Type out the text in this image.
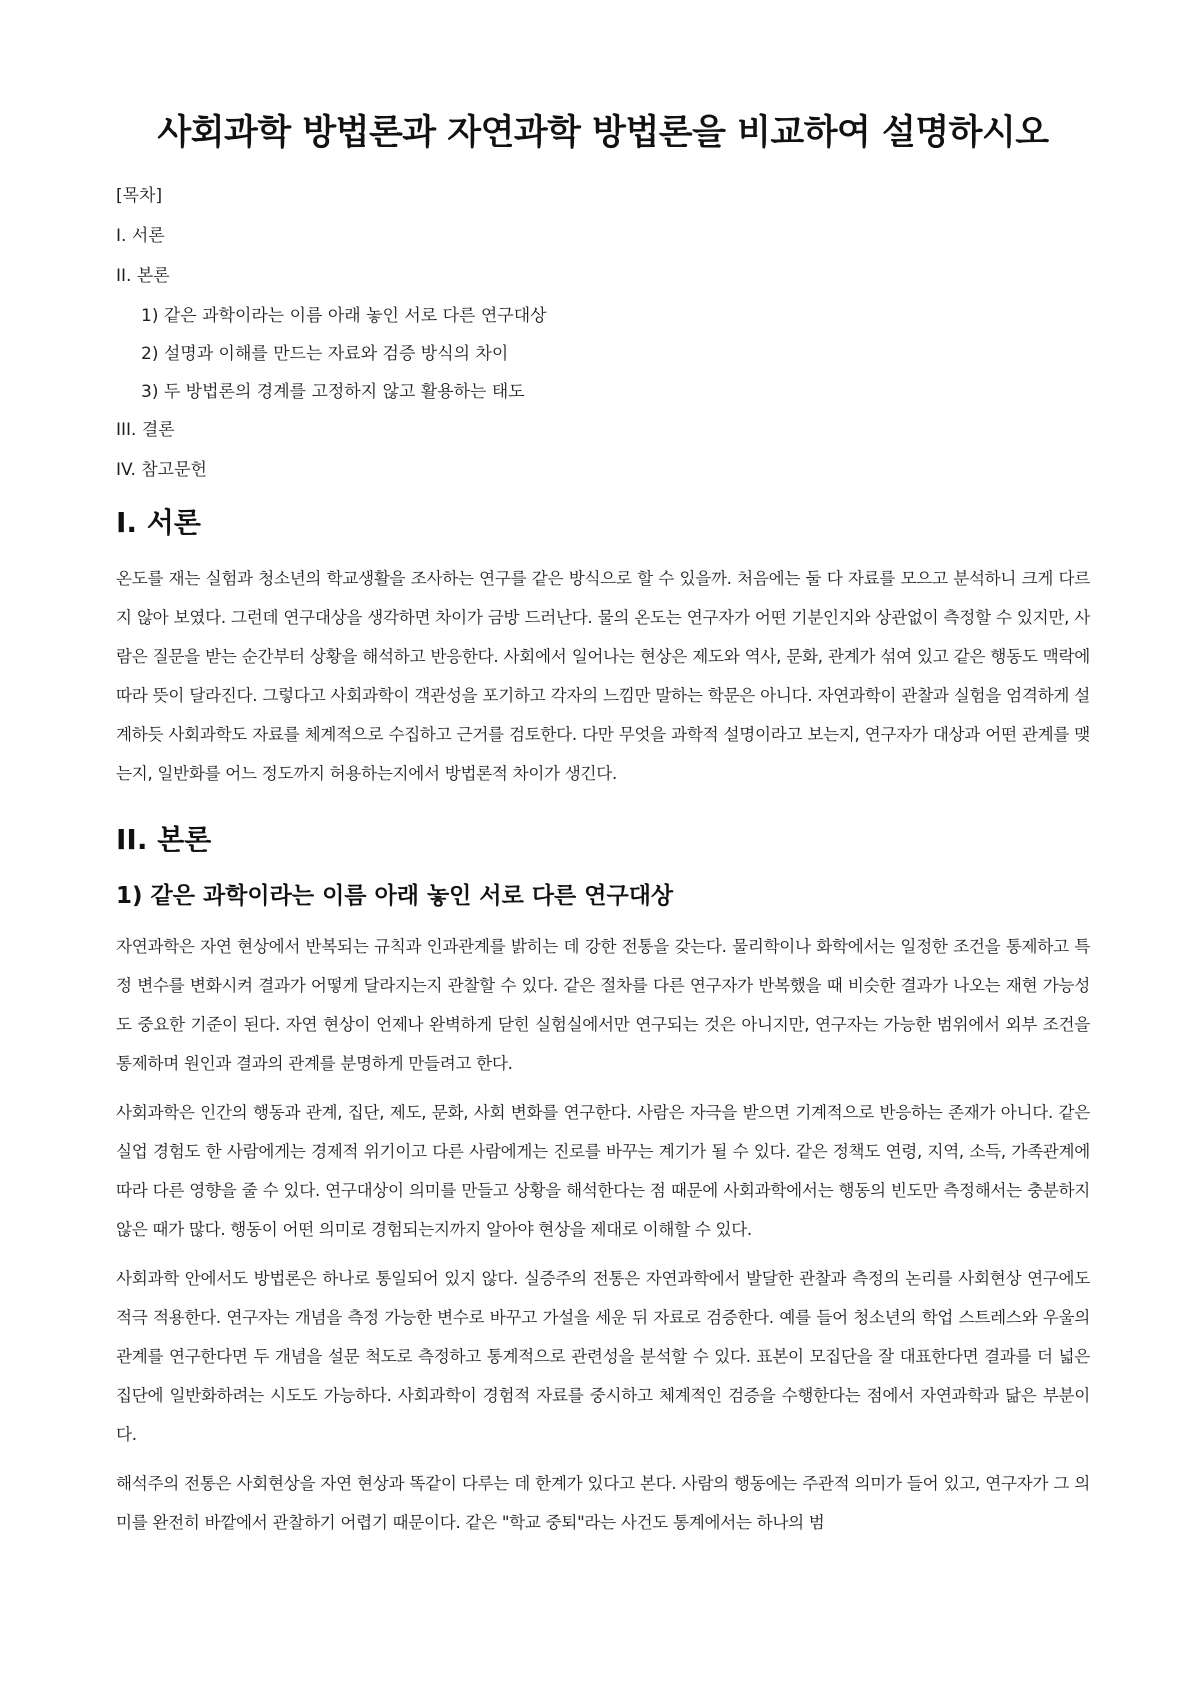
사회과학 방법론과 자연과학 방법론을 비교하여 설명하시오
[목차]
I. 서론
II. 본론
1) 같은 과학이라는 이름 아래 놓인 서로 다른 연구대상
2) 설명과 이해를 만드는 자료와 검증 방식의 차이
3) 두 방법론의 경계를 고정하지 않고 활용하는 태도
III. 결론
IV. 참고문헌
I. 서론

온도를 재는 실험과 청소년의 학교생활을 조사하는 연구를 같은 방식으로 할 수 있을까. 처음에는 둘 다 자료를 모으고 분석하니 크게 다르지 않아 보였다. 그런데 연구대상을 생각하면 차이가 금방 드러난다. 물의 온도는 연구자가 어떤 기분인지와 상관없이 측정할 수 있지만, 사람은 질문을 받는 순간부터 상황을 해석하고 반응한다. 사회에서 일어나는 현상은 제도와 역사, 문화, 관계가 섞여 있고 같은 행동도 맥락에 따라 뜻이 달라진다. 그렇다고 사회과학이 객관성을 포기하고 각자의 느낌만 말하는 학문은 아니다. 자연과학이 관찰과 실험을 엄격하게 설계하듯 사회과학도 자료를 체계적으로 수집하고 근거를 검토한다. 다만 무엇을 과학적 설명이라고 보는지, 연구자가 대상과 어떤 관계를 맺는지, 일반화를 어느 정도까지 허용하는지에서 방법론적 차이가 생긴다.

II. 본론
1) 같은 과학이라는 이름 아래 놓인 서로 다른 연구대상

자연과학은 자연 현상에서 반복되는 규칙과 인과관계를 밝히는 데 강한 전통을 갖는다. 물리학이나 화학에서는 일정한 조건을 통제하고 특정 변수를 변화시켜 결과가 어떻게 달라지는지 관찰할 수 있다. 같은 절차를 다른 연구자가 반복했을 때 비슷한 결과가 나오는 재현 가능성도 중요한 기준이 된다. 자연 현상이 언제나 완벽하게 닫힌 실험실에서만 연구되는 것은 아니지만, 연구자는 가능한 범위에서 외부 조건을 통제하며 원인과 결과의 관계를 분명하게 만들려고 한다.

사회과학은 인간의 행동과 관계, 집단, 제도, 문화, 사회 변화를 연구한다. 사람은 자극을 받으면 기계적으로 반응하는 존재가 아니다. 같은 실업 경험도 한 사람에게는 경제적 위기이고 다른 사람에게는 진로를 바꾸는 계기가 될 수 있다. 같은 정책도 연령, 지역, 소득, 가족관계에 따라 다른 영향을 줄 수 있다. 연구대상이 의미를 만들고 상황을 해석한다는 점 때문에 사회과학에서는 행동의 빈도만 측정해서는 충분하지 않은 때가 많다. 행동이 어떤 의미로 경험되는지까지 알아야 현상을 제대로 이해할 수 있다.

사회과학 안에서도 방법론은 하나로 통일되어 있지 않다. 실증주의 전통은 자연과학에서 발달한 관찰과 측정의 논리를 사회현상 연구에도 적극 적용한다. 연구자는 개념을 측정 가능한 변수로 바꾸고 가설을 세운 뒤 자료로 검증한다. 예를 들어 청소년의 학업 스트레스와 우울의 관계를 연구한다면 두 개념을 설문 척도로 측정하고 통계적으로 관련성을 분석할 수 있다. 표본이 모집단을 잘 대표한다면 결과를 더 넓은 집단에 일반화하려는 시도도 가능하다. 사회과학이 경험적 자료를 중시하고 체계적인 검증을 수행한다는 점에서 자연과학과 닮은 부분이다.

해석주의 전통은 사회현상을 자연 현상과 똑같이 다루는 데 한계가 있다고 본다. 사람의 행동에는 주관적 의미가 들어 있고, 연구자가 그 의미를 완전히 바깥에서 관찰하기 어렵기 때문이다. 같은 "학교 중퇴"라는 사건도 통계에서는 하나의 범
